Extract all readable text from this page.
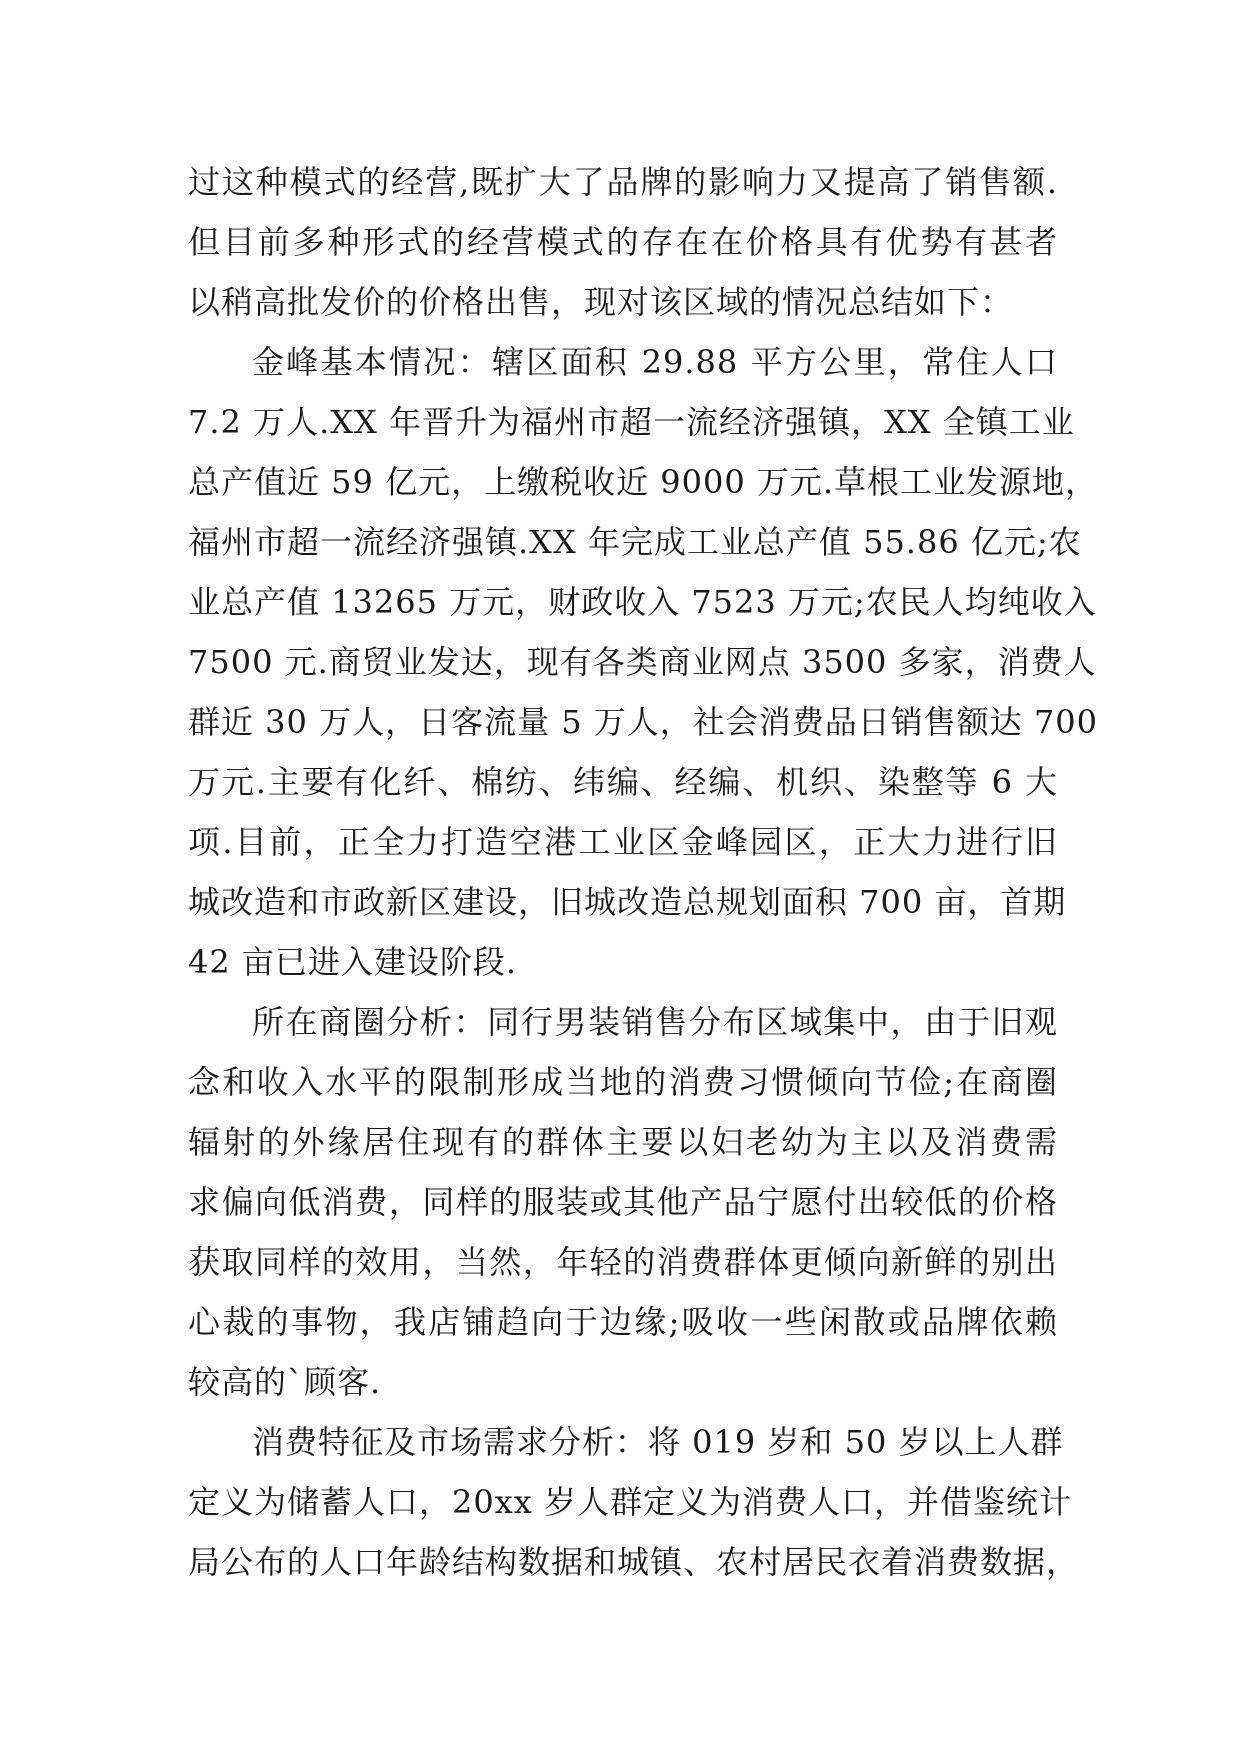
过这种模式的经营,既扩大了品牌的影响力又提高了销售额.
但目前多种形式的经营模式的存在在价格具有优势有甚者
以稍高批发价的价格出售，现对该区域的情况总结如下：
金峰基本情况：辖区面积 29.88 平方公里，常住人口
7.2 万人.XX 年晋升为福州市超一流经济强镇，XX 全镇工业
总产值近 59 亿元，上缴税收近 9000 万元.草根工业发源地，
福州市超一流经济强镇.XX 年完成工业总产值 55.86 亿元;农
业总产值 13265 万元，财政收入 7523 万元;农民人均纯收入
7500 元.商贸业发达，现有各类商业网点 3500 多家，消费人
群近 30 万人，日客流量 5 万人，社会消费品日销售额达 700
万元.主要有化纤、棉纺、纬编、经编、机织、染整等 6 大
项.目前，正全力打造空港工业区金峰园区，正大力进行旧
城改造和市政新区建设，旧城改造总规划面积 700 亩，首期
42 亩已进入建设阶段.
所在商圈分析：同行男装销售分布区域集中，由于旧观
念和收入水平的限制形成当地的消费习惯倾向节俭;在商圈
辐射的外缘居住现有的群体主要以妇老幼为主以及消费需
求偏向低消费，同样的服装或其他产品宁愿付出较低的价格
获取同样的效用，当然，年轻的消费群体更倾向新鲜的别出
心裁的事物，我店铺趋向于边缘;吸收一些闲散或品牌依赖
较高的`顾客.
消费特征及市场需求分析：将 019 岁和 50 岁以上人群
定义为储蓄人口，20xx 岁人群定义为消费人口，并借鉴统计
局公布的人口年龄结构数据和城镇、农村居民衣着消费数据，
